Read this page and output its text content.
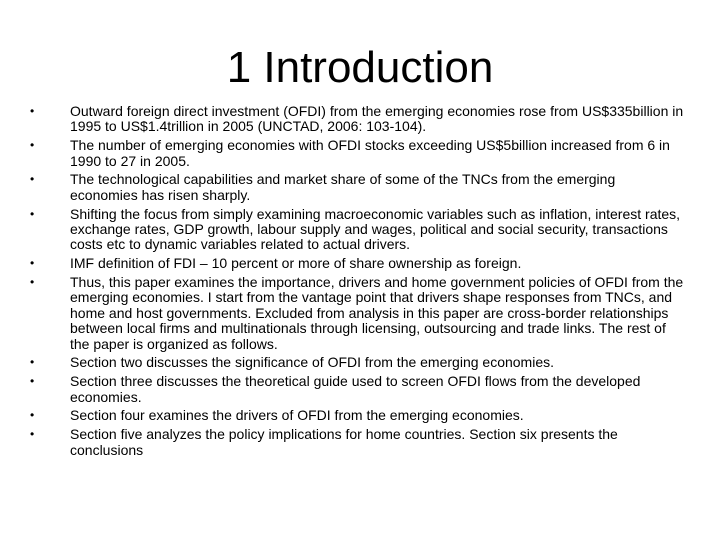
1 Introduction
•	Outward foreign direct investment (OFDI) from the emerging economies rose from US$335billion in 1995 to US$1.4trillion in 2005 (UNCTAD, 2006: 103-104).
•	The number of emerging economies with OFDI stocks exceeding US$5billion increased from 6 in 1990 to 27 in 2005.
•	The technological capabilities and market share of some of the TNCs from the emerging economies has risen sharply.
•	Shifting the focus from simply examining macroeconomic variables such as inflation, interest rates, exchange rates, GDP growth, labour supply and wages, political and social security, transactions costs etc to dynamic variables related to actual drivers.
•	IMF definition of FDI – 10 percent or more of share ownership as foreign.
•	Thus, this paper examines the importance, drivers and home government policies of OFDI from the emerging economies. I start from the vantage point that drivers shape responses from TNCs, and home and host governments. Excluded from analysis in this paper are cross-border relationships between local firms and multinationals through licensing, outsourcing and trade links. The rest of the paper is organized as follows.
•	Section two discusses the significance of OFDI from the emerging economies.
•	Section three discusses the theoretical guide used to screen OFDI flows from the developed economies.
•	Section four examines the drivers of OFDI from the emerging economies.
•	Section five analyzes the policy implications for home countries. Section six presents the conclusions
